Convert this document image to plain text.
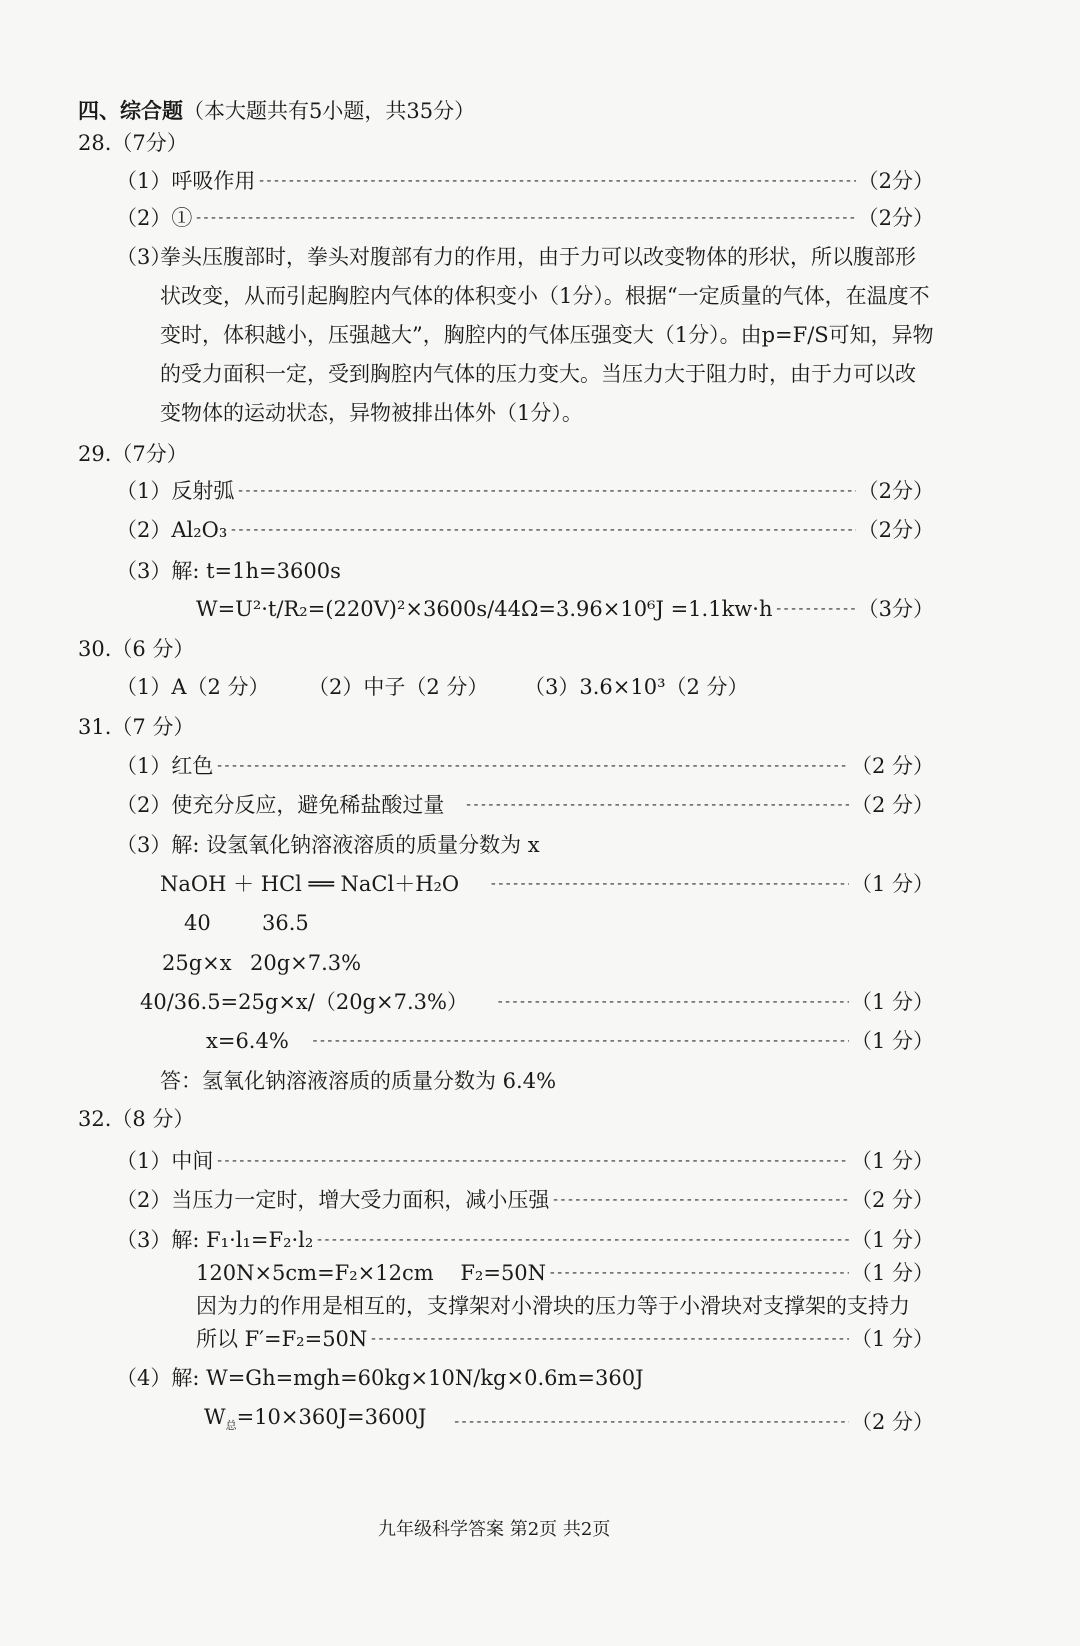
四、综合题（本大题共有5小题，共35分）
28.（7分）
（1）呼吸作用 -----	（2分）
（2）① -----	（2分）
（3）
拳头压腹部时，拳头对腹部有力的作用，由于力可以改变物体的形状，所以腹部形状改变，从而引起胸腔内气体的体积变小（1分）。根据“一定质量的气体，在温度不变时，体积越小，压强越大”，胸腔内的气体压强变大（1分）。由p=F/S可知，异物的受力面积一定，受到胸腔内气体的压力变大。当压力大于阻力时，由于力可以改变物体的运动状态，异物被排出体外（1分）。
29.（7分）
（1）反射弧 -----	（2分）
（2）Al₂O₃ -----	（2分）
（3）解: t=1h=3600s
W=U²·t/R₂=(220V)²×3600s/44Ω=3.96×10⁶J =1.1kw·h -----	（3分）
30.（6 分）
（1）A（2 分） （2）中子（2 分） （3）3.6×10³（2 分）
31.（7 分）
（1）红色 -----	（2 分）
（2）使充分反应，避免稀盐酸过量 -----	（2 分）
（3）解: 设氢氧化钠溶液溶质的质量分数为 x
NaOH ＋ HCl ══ NaCl＋H₂O -----	（1 分）
40 36.5
25g×x 20g×7.3%
40/36.5=25g×x/（20g×7.3%） -----	（1 分）
x=6.4% -----	（1 分）
答：氢氧化钠溶液溶质的质量分数为 6.4%
32.（8 分）
（1）中间 -----	（1 分）
（2）当压力一定时，增大受力面积，减小压强 -----	（2 分）
（3）解: F₁·l₁=F₂·l₂ -----	（1 分）
120N×5cm=F₂×12cm    F₂=50N -----	（1 分）
因为力的作用是相互的，支撑架对小滑块的压力等于小滑块对支撑架的支持力
所以 F′=F₂=50N -----	（1 分）
（4）解: W=Gh=mgh=60kg×10N/kg×0.6m=360J
$W_总=10\times 360J=3600J$ -----	（2 分）
九年级科学答案 第2页 共2页
